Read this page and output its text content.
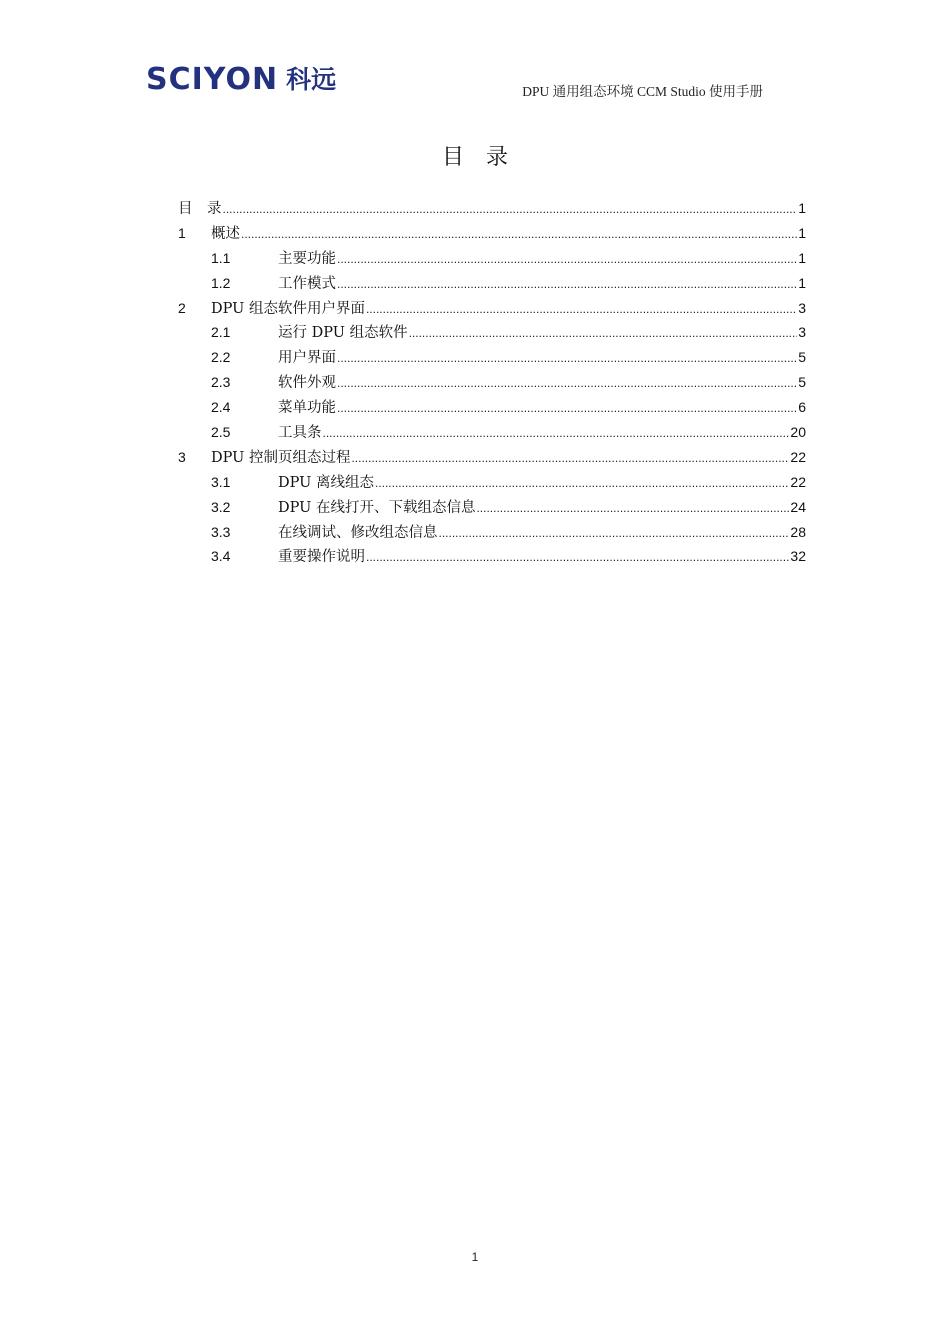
SCIYON 科远	DPU 通用组态环境 CCM Studio 使用手册
目录
目　录 .....	1
1	概述 .....	1
1.1	主要功能 .....	1
1.2	工作模式 .....	1
2	DPU 组态软件用户界面 .....	3
2.1	运行 DPU 组态软件 .....	3
2.2	用户界面 .....	5
2.3	软件外观 .....	5
2.4	菜单功能 .....	6
2.5	工具条 .....	20
3	DPU 控制页组态过程 .....	22
3.1	DPU 离线组态 .....	22
3.2	DPU 在线打开、下载组态信息 .....	24
3.3	在线调试、修改组态信息 .....	28
3.4	重要操作说明 .....	32
1
